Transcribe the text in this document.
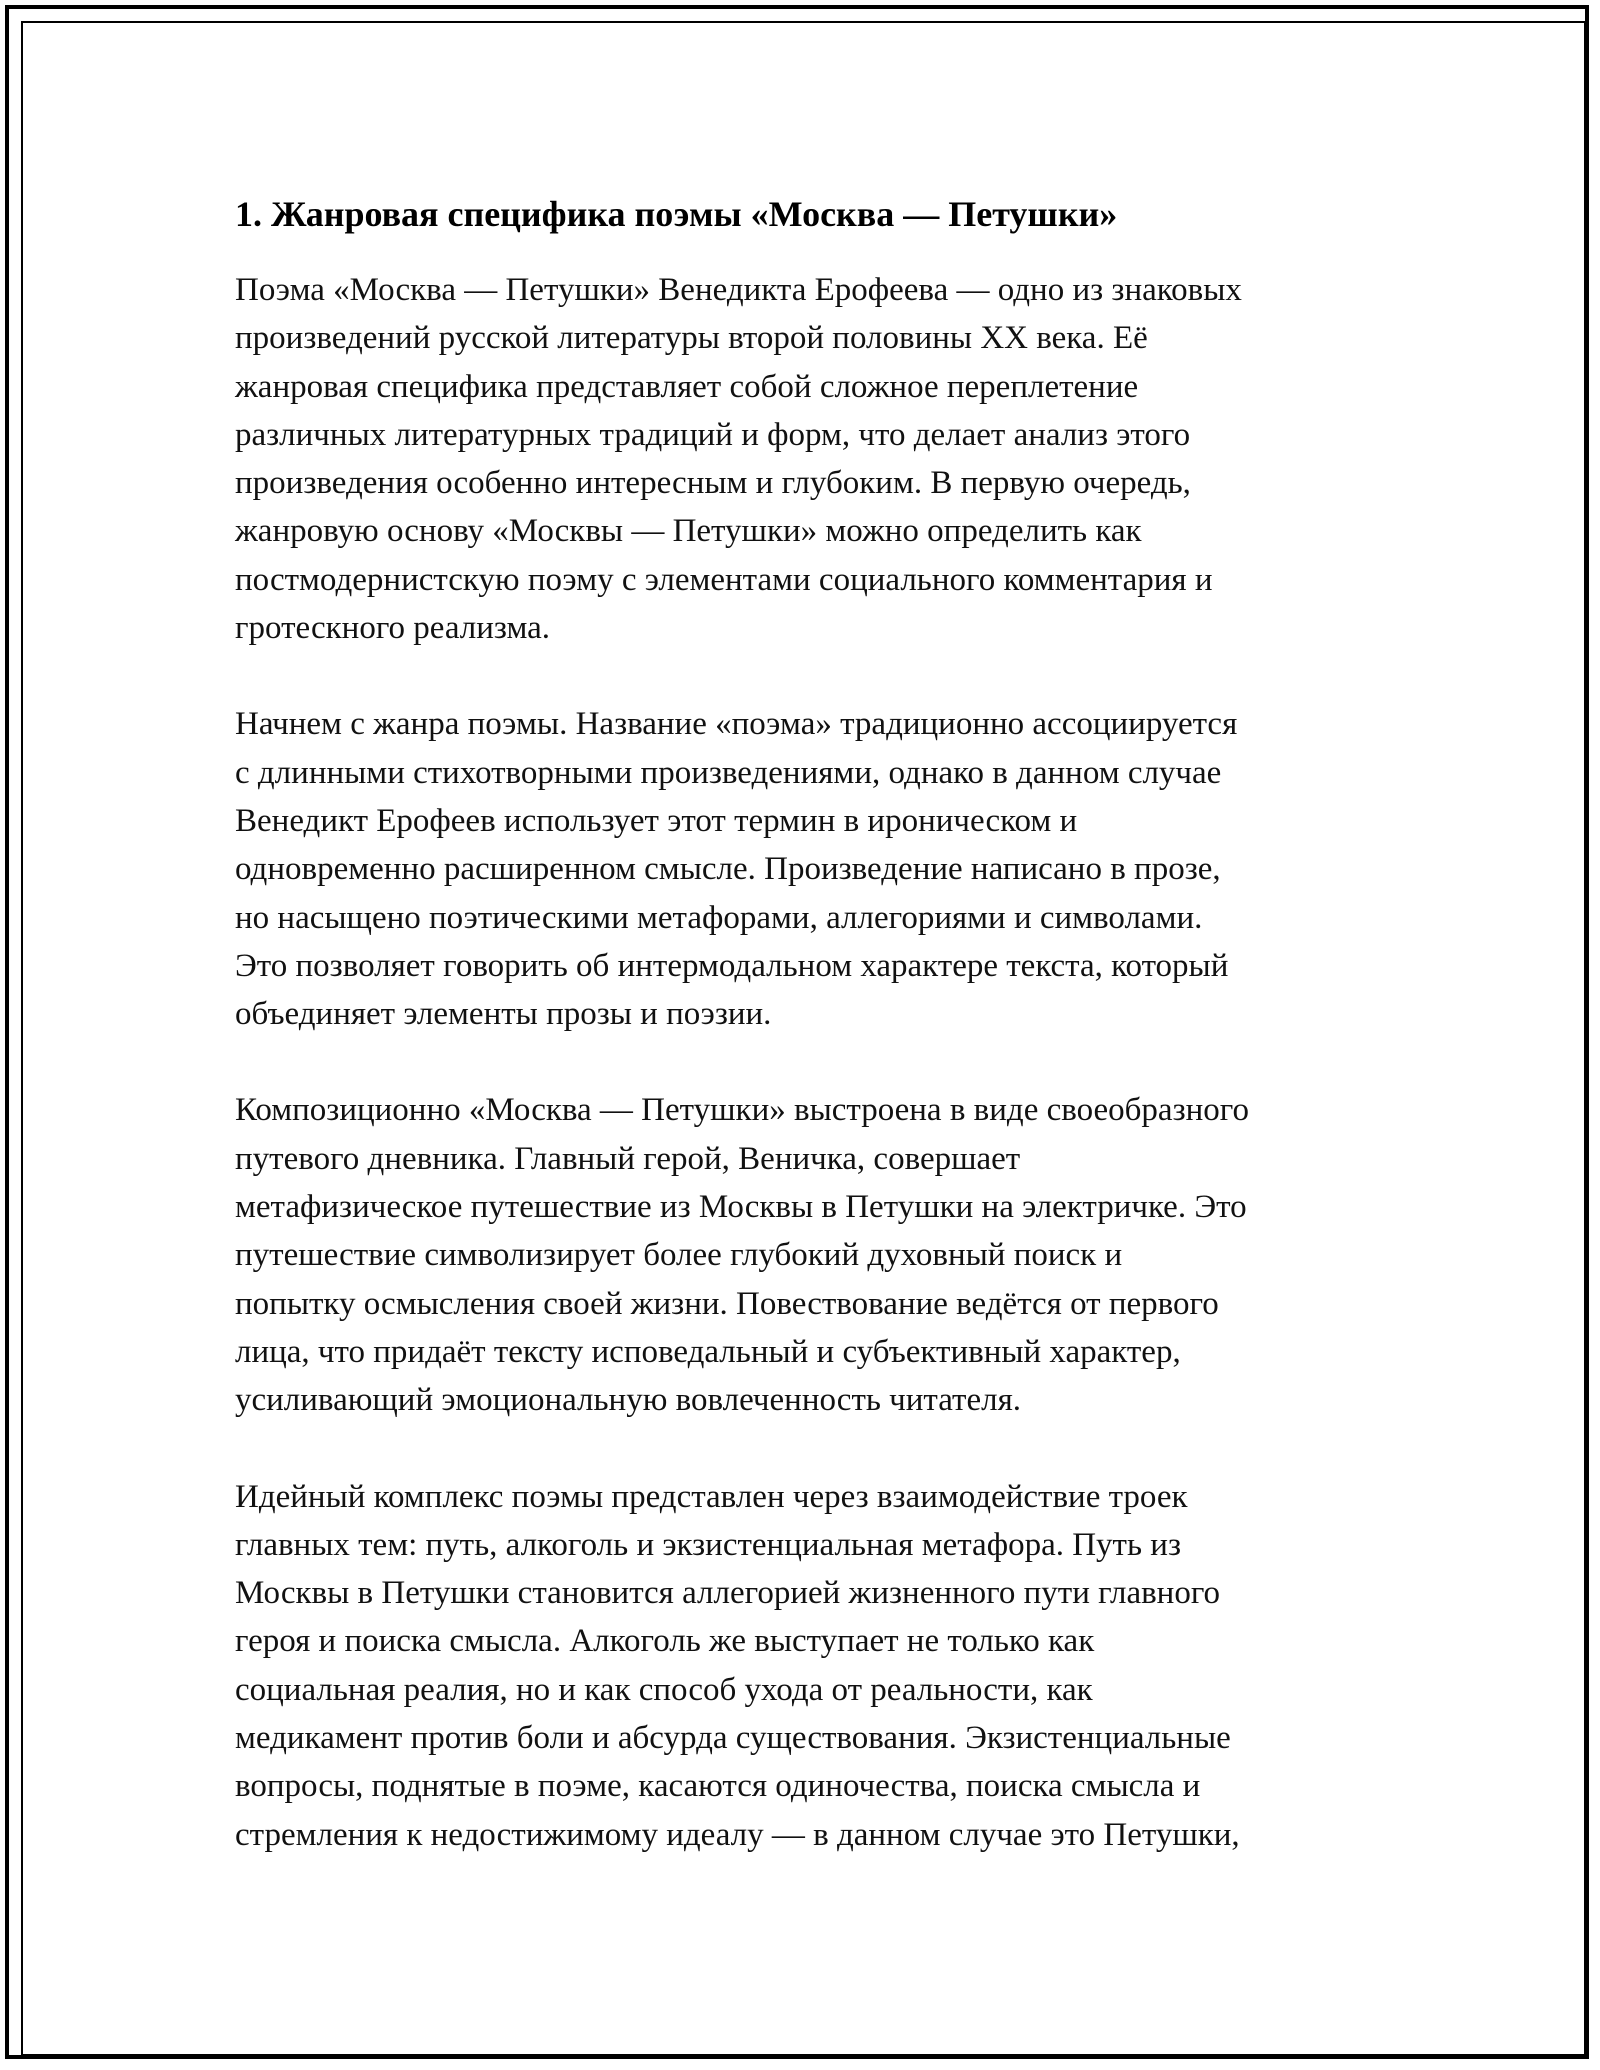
1. Жанровая специфика поэмы «Москва — Петушки»

Поэма «Москва — Петушки» Венедикта Ерофеева — одно из знаковых
произведений русской литературы второй половины XX века. Её
жанровая специфика представляет собой сложное переплетение
различных литературных традиций и форм, что делает анализ этого
произведения особенно интересным и глубоким. В первую очередь,
жанровую основу «Москвы — Петушки» можно определить как
постмодернистскую поэму с элементами социального комментария и
гротескного реализма.

Начнем с жанра поэмы. Название «поэма» традиционно ассоциируется
с длинными стихотворными произведениями, однако в данном случае
Венедикт Ерофеев использует этот термин в ироническом и
одновременно расширенном смысле. Произведение написано в прозе,
но насыщено поэтическими метафорами, аллегориями и символами.
Это позволяет говорить об интермодальном характере текста, который
объединяет элементы прозы и поэзии.

Композиционно «Москва — Петушки» выстроена в виде своеобразного
путевого дневника. Главный герой, Веничка, совершает
метафизическое путешествие из Москвы в Петушки на электричке. Это
путешествие символизирует более глубокий духовный поиск и
попытку осмысления своей жизни. Повествование ведётся от первого
лица, что придаёт тексту исповедальный и субъективный характер,
усиливающий эмоциональную вовлеченность читателя.

Идейный комплекс поэмы представлен через взаимодействие троек
главных тем: путь, алкоголь и экзистенциальная метафора. Путь из
Москвы в Петушки становится аллегорией жизненного пути главного
героя и поиска смысла. Алкоголь же выступает не только как
социальная реалия, но и как способ ухода от реальности, как
медикамент против боли и абсурда существования. Экзистенциальные
вопросы, поднятые в поэме, касаются одиночества, поиска смысла и
стремления к недостижимому идеалу — в данном случае это Петушки,
